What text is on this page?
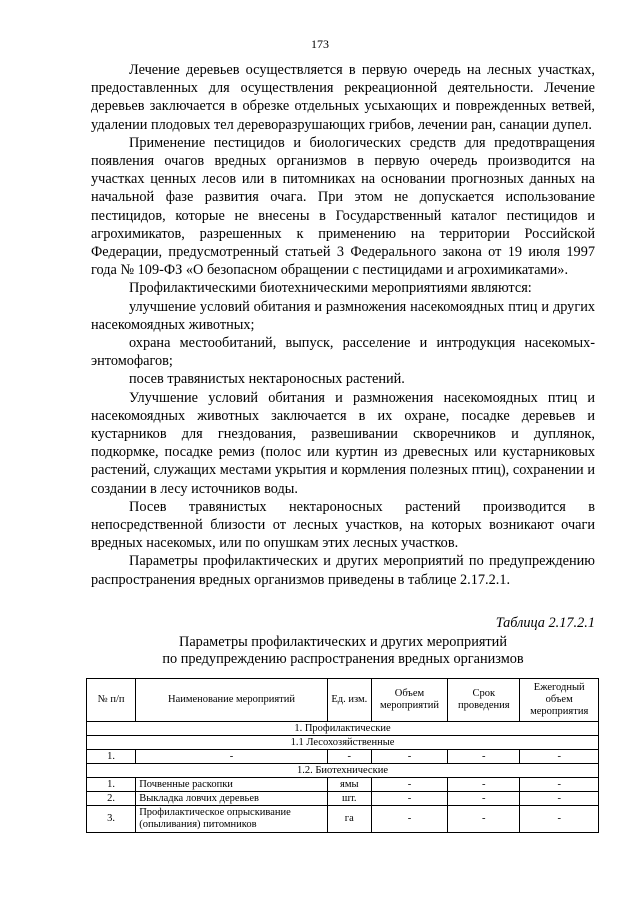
173

Лечение деревьев осуществляется в первую очередь на лесных участках, предоставленных для осуществления рекреационной деятельности. Лечение деревьев заключается в обрезке отдельных усыхающих и поврежденных ветвей, удалении плодовых тел дереворазрушающих грибов, лечении ран, санации дупел.

Применение пестицидов и биологических средств для предотвращения появления очагов вредных организмов в первую очередь производится на участках ценных лесов или в питомниках на основании прогнозных данных на начальной фазе развития очага. При этом не допускается использование пестицидов, которые не внесены в Государственный каталог пестицидов и агрохимикатов, разрешенных к применению на территории Российской Федерации, предусмотренный статьей 3 Федерального закона от 19 июля 1997 года № 109-ФЗ «О безопасном обращении с пестицидами и агрохимикатами».

Профилактическими биотехническими мероприятиями являются:

улучшение условий обитания и размножения насекомоядных птиц и других насекомоядных животных;

охрана местообитаний, выпуск, расселение и интродукция насекомых-энтомофагов;

посев травянистых нектароносных растений.

Улучшение условий обитания и размножения насекомоядных птиц и насекомоядных животных заключается в их охране, посадке деревьев и кустарников для гнездования, развешивании скворечников и дуплянок, подкормке, посадке ремиз (полос или куртин из древесных или кустарниковых растений, служащих местами укрытия и кормления полезных птиц), сохранении и создании в лесу источников воды.

Посев травянистых нектароносных растений производится в непосредственной близости от лесных участков, на которых возникают очаги вредных насекомых, или по опушкам этих лесных участков.

Параметры профилактических и других мероприятий по предупреждению распространения вредных организмов приведены в таблице 2.17.2.1.

Таблица 2.17.2.1
Параметры профилактических и других мероприятий
по предупреждению распространения вредных организмов
№ п/п	Наименование мероприятий	Ед. изм.	Объем мероприятий	Срок проведения	Ежегодный объем мероприятия
1. Профилактические					
1.1 Лесохозяйственные					
1.	-	-	-	-	-
1.2. Биотехнические					
1.	Почвенные раскопки	ямы	-	-	-
2.	Выкладка ловчих деревьев	шт.	-	-	-
3.	Профилактическое опрыскивание (опыливания) питомников	га	-	-	-
